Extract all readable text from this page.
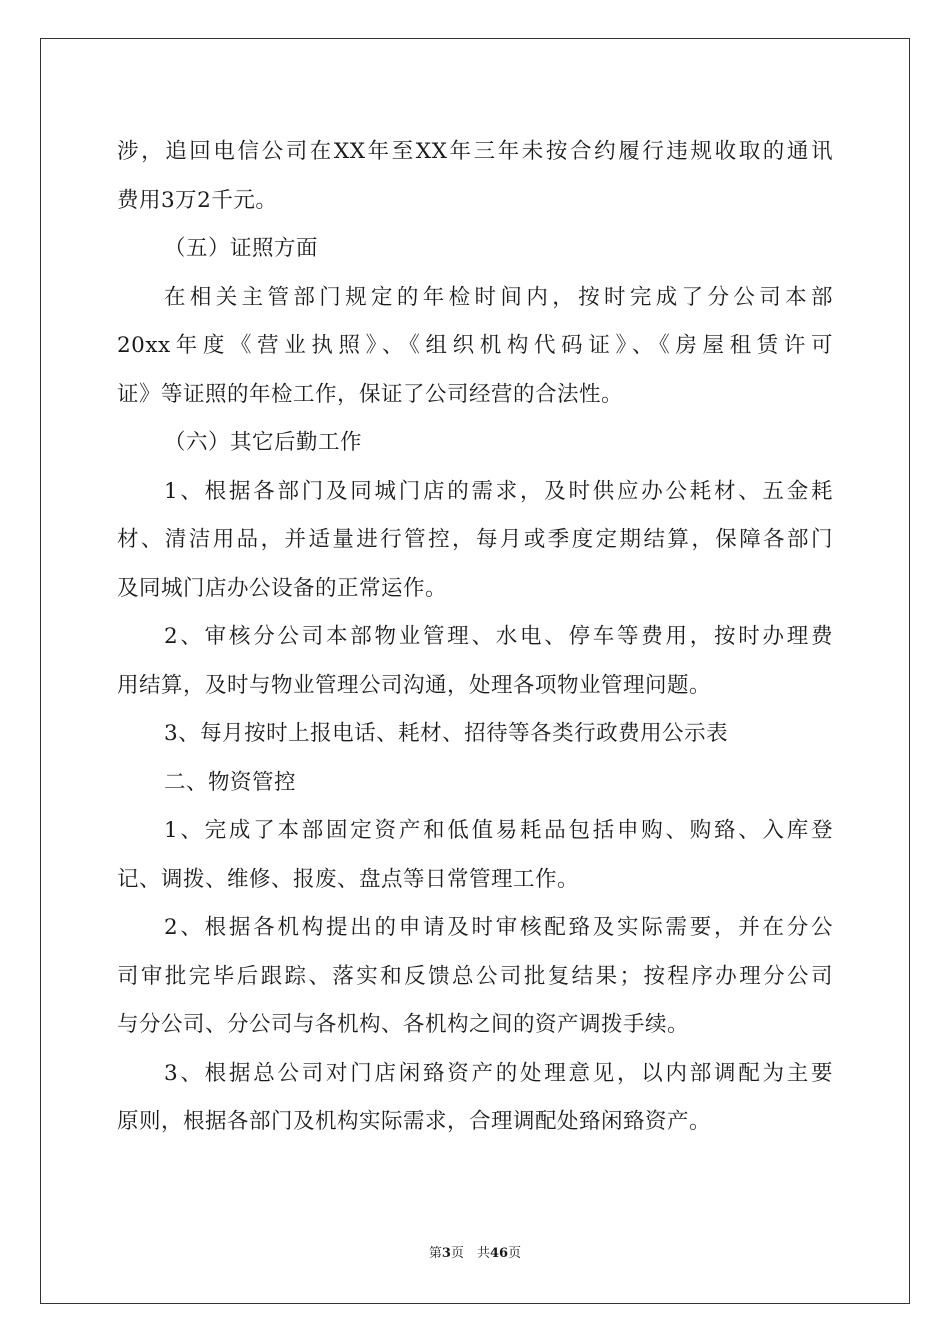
涉，追回电信公司在XX年至XX年三年未按合约履行违规收取的通讯
费用3万2千元。
（五）证照方面
在相关主管部门规定的年检时间内，按时完成了分公司本部
20xx年度《营业执照》、《组织机构代码证》、《房屋租赁许可
证》等证照的年检工作，保证了公司经营的合法性。
（六）其它后勤工作
1、根据各部门及同城门店的需求，及时供应办公耗材、五金耗
材、清洁用品，并适量进行管控，每月或季度定期结算，保障各部门
及同城门店办公设备的正常运作。
2、审核分公司本部物业管理、水电、停车等费用，按时办理费
用结算，及时与物业管理公司沟通，处理各项物业管理问题。
3、每月按时上报电话、耗材、招待等各类行政费用公示表
二、物资管控
1、完成了本部固定资产和低值易耗品包括申购、购臵、入库登
记、调拨、维修、报废、盘点等日常管理工作。
2、根据各机构提出的申请及时审核配臵及实际需要，并在分公
司审批完毕后跟踪、落实和反馈总公司批复结果；按程序办理分公司
与分公司、分公司与各机构、各机构之间的资产调拨手续。
3、根据总公司对门店闲臵资产的处理意见，以内部调配为主要
原则，根据各部门及机构实际需求，合理调配处臵闲臵资产。
第3页　共46页
